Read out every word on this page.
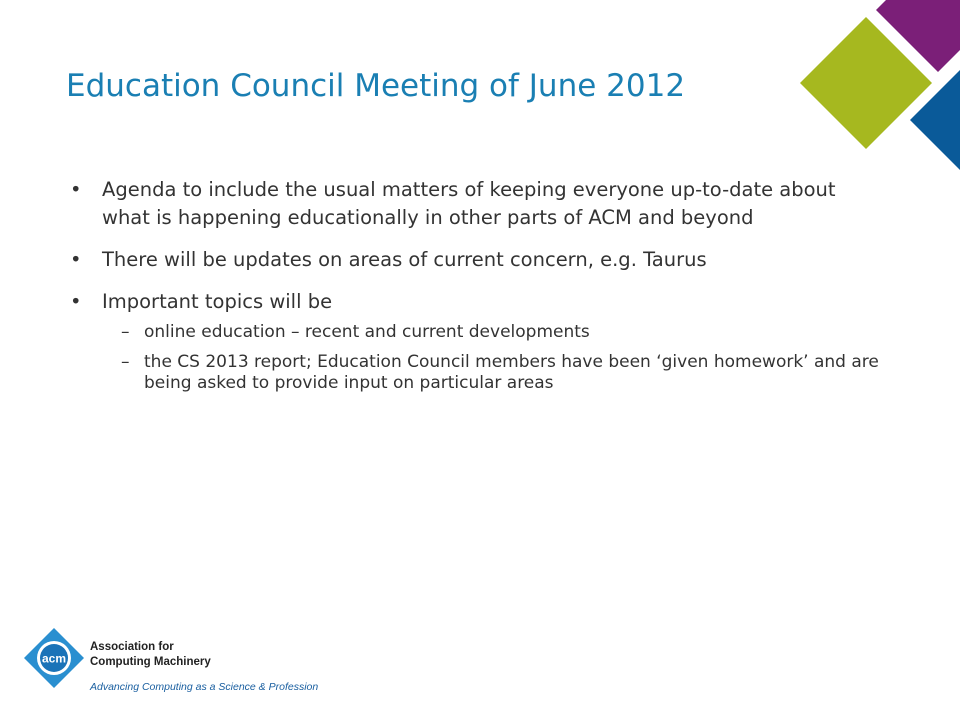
Education Council Meeting of June 2012
• Agenda to include the usual matters of keeping everyone up-to-date about what is happening educationally in other parts of ACM and beyond
• There will be updates on areas of current concern, e.g. Taurus
• Important topics will be
– online education – recent and current developments
– the CS 2013 report; Education Council members have been ‘given homework’ and are being asked to provide input on particular areas
acm
Association for
Computing Machinery
Advancing Computing as a Science & Profession
